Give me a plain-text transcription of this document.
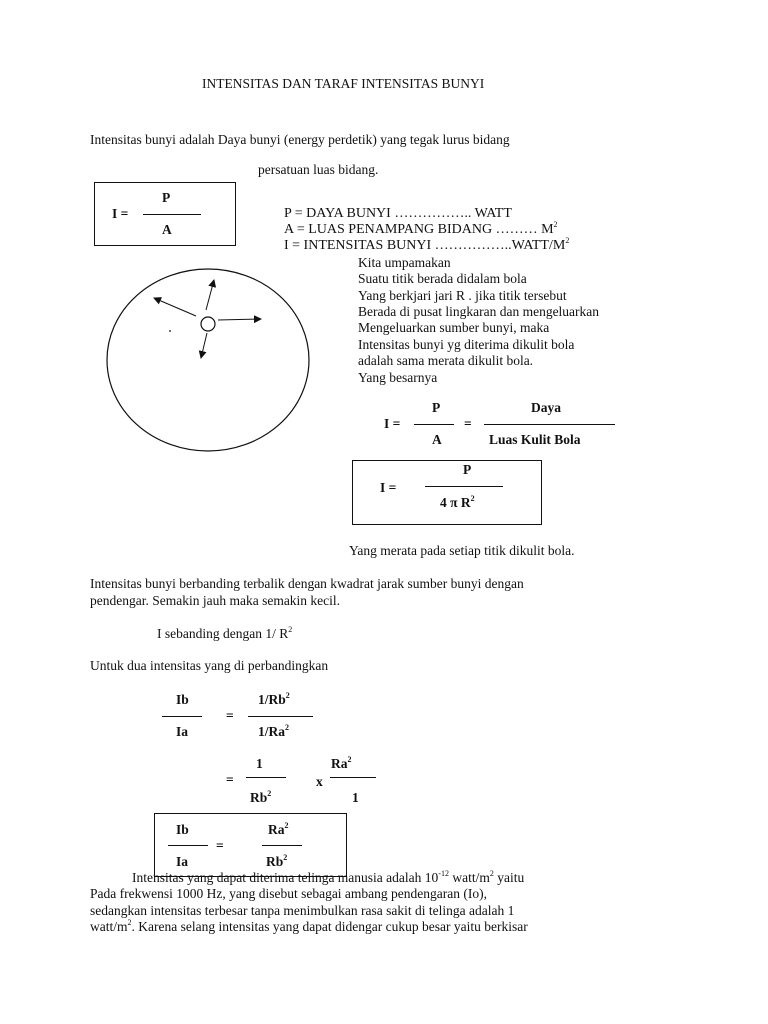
INTENSITAS DAN TARAF INTENSITAS BUNYI
Intensitas bunyi adalah Daya bunyi (energy perdetik) yang tegak lurus bidang
persatuan luas bidang.
I =
P
A
P = DAYA BUNYI …………….. WATT
A = LUAS PENAMPANG BIDANG ……… $M^2$
I = INTENSITAS BUNYI $\dots\dots\dots\dots\dots..WATT/M^2$
Kita umpamakan
Suatu titik berada didalam bola
Yang berkjari jari R . jika titik tersebut
Berada di pusat lingkaran dan mengeluarkan
Mengeluarkan sumber bunyi, maka
Intensitas bunyi yg diterima dikulit bola
adalah sama merata dikulit bola.
Yang besarnya
I =
P
A
=
Daya
Luas Kulit Bola
I =
P
4 π $R^2$
Yang merata pada setiap titik dikulit bola.
Intensitas bunyi berbanding terbalik dengan kwadrat jarak sumber bunyi dengan
pendengar. Semakin jauh maka semakin kecil.
I sebanding dengan 1/ $R^2$
Untuk dua intensitas yang di perbandingkan
Ib
Ia
=
$1/Rb^2$
$1/Ra^2$
=
1
Rb$^2$
x
Ra$^2$
1
Ib
Ia
=
$Ra^2$
Rb$^2$
Intensitas yang dapat diterima telinga manusia adalah $10^{-12}$ watt/$m^2$ yaitu
Pada frekwensi 1000 Hz, yang disebut sebagai ambang pendengaran (Io),
sedangkan intensitas terbesar tanpa menimbulkan rasa sakit di telinga adalah 1
watt/$m^2$. Karena selang intensitas yang dapat didengar cukup besar yaitu berkisar
